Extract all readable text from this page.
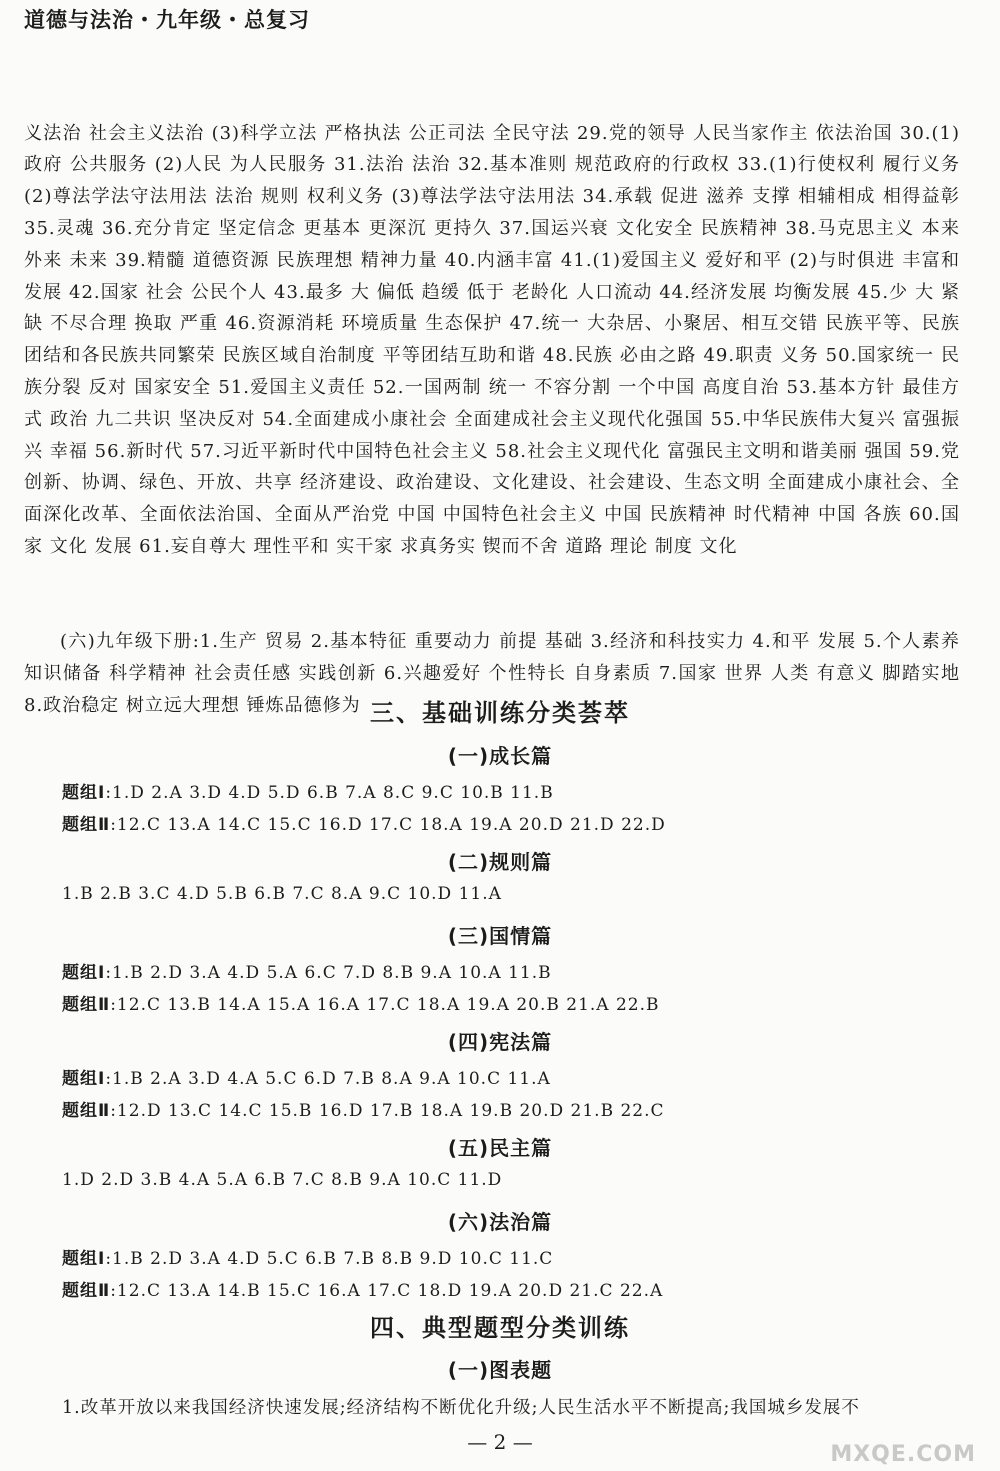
道德与法治・九年级・总复习

义法治 社会主义法治 (3)科学立法 严格执法 公正司法 全民守法 29.党的领导 人民当家作主 依法治国 30.(1)政府 公共服务 (2)人民 为人民服务 31.法治 法治 32.基本准则 规范政府的行政权 33.(1)行使权利 履行义务 (2)尊法学法守法用法 法治 规则 权利义务 (3)尊法学法守法用法 34.承载 促进 滋养 支撑 相辅相成 相得益彰 35.灵魂 36.充分肯定 坚定信念 更基本 更深沉 更持久 37.国运兴衰 文化安全 民族精神 38.马克思主义 本来 外来 未来 39.精髓 道德资源 民族理想 精神力量 40.内涵丰富 41.(1)爱国主义 爱好和平 (2)与时俱进 丰富和发展 42.国家 社会 公民个人 43.最多 大 偏低 趋缓 低于 老龄化 人口流动 44.经济发展 均衡发展 45.少 大 紧缺 不尽合理 换取 严重 46.资源消耗 环境质量 生态保护 47.统一 大杂居、小聚居、相互交错 民族平等、民族团结和各民族共同繁荣 民族区域自治制度 平等团结互助和谐 48.民族 必由之路 49.职责 义务 50.国家统一 民族分裂 反对 国家安全 51.爱国主义责任 52.一国两制 统一 不容分割 一个中国 高度自治 53.基本方针 最佳方式 政治 九二共识 坚决反对 54.全面建成小康社会 全面建成社会主义现代化强国 55.中华民族伟大复兴 富强振兴 幸福 56.新时代 57.习近平新时代中国特色社会主义 58.社会主义现代化 富强民主文明和谐美丽 强国 59.党 创新、协调、绿色、开放、共享 经济建设、政治建设、文化建设、社会建设、生态文明 全面建成小康社会、全面深化改革、全面依法治国、全面从严治党 中国 中国特色社会主义 中国 民族精神 时代精神 中国 各族 60.国家 文化 发展 61.妄自尊大 理性平和 实干家 求真务实 锲而不舍 道路 理论 制度 文化

(六)九年级下册:1.生产 贸易 2.基本特征 重要动力 前提 基础 3.经济和科技实力 4.和平 发展 5.个人素养 知识储备 科学精神 社会责任感 实践创新 6.兴趣爱好 个性特长 自身素质 7.国家 世界 人类 有意义 脚踏实地 8.政治稳定 树立远大理想 锤炼品德修为 三、基础训练分类荟萃
(一)成长篇
题组Ⅰ:1.D 2.A 3.D 4.D 5.D 6.B 7.A 8.C 9.C 10.B 11.B
题组Ⅱ:12.C 13.A 14.C 15.C 16.D 17.C 18.A 19.A 20.D 21.D 22.D
(二)规则篇
1.B 2.B 3.C 4.D 5.B 6.B 7.C 8.A 9.C 10.D 11.A
(三)国情篇
题组Ⅰ:1.B 2.D 3.A 4.D 5.A 6.C 7.D 8.B 9.A 10.A 11.B
题组Ⅱ:12.C 13.B 14.A 15.A 16.A 17.C 18.A 19.A 20.B 21.A 22.B
(四)宪法篇
题组Ⅰ:1.B 2.A 3.D 4.A 5.C 6.D 7.B 8.A 9.A 10.C 11.A
题组Ⅱ:12.D 13.C 14.C 15.B 16.D 17.B 18.A 19.B 20.D 21.B 22.C
(五)民主篇
1.D 2.D 3.B 4.A 5.A 6.B 7.C 8.B 9.A 10.C 11.D
(六)法治篇
题组Ⅰ:1.B 2.D 3.A 4.D 5.C 6.B 7.B 8.B 9.D 10.C 11.C
题组Ⅱ:12.C 13.A 14.B 15.C 16.A 17.C 18.D 19.A 20.D 21.C 22.A
四、典型题型分类训练
(一)图表题
1.改革开放以来我国经济快速发展;经济结构不断优化升级;人民生活水平不断提高;我国城乡发展不
— 2 —	MXQE.COM
